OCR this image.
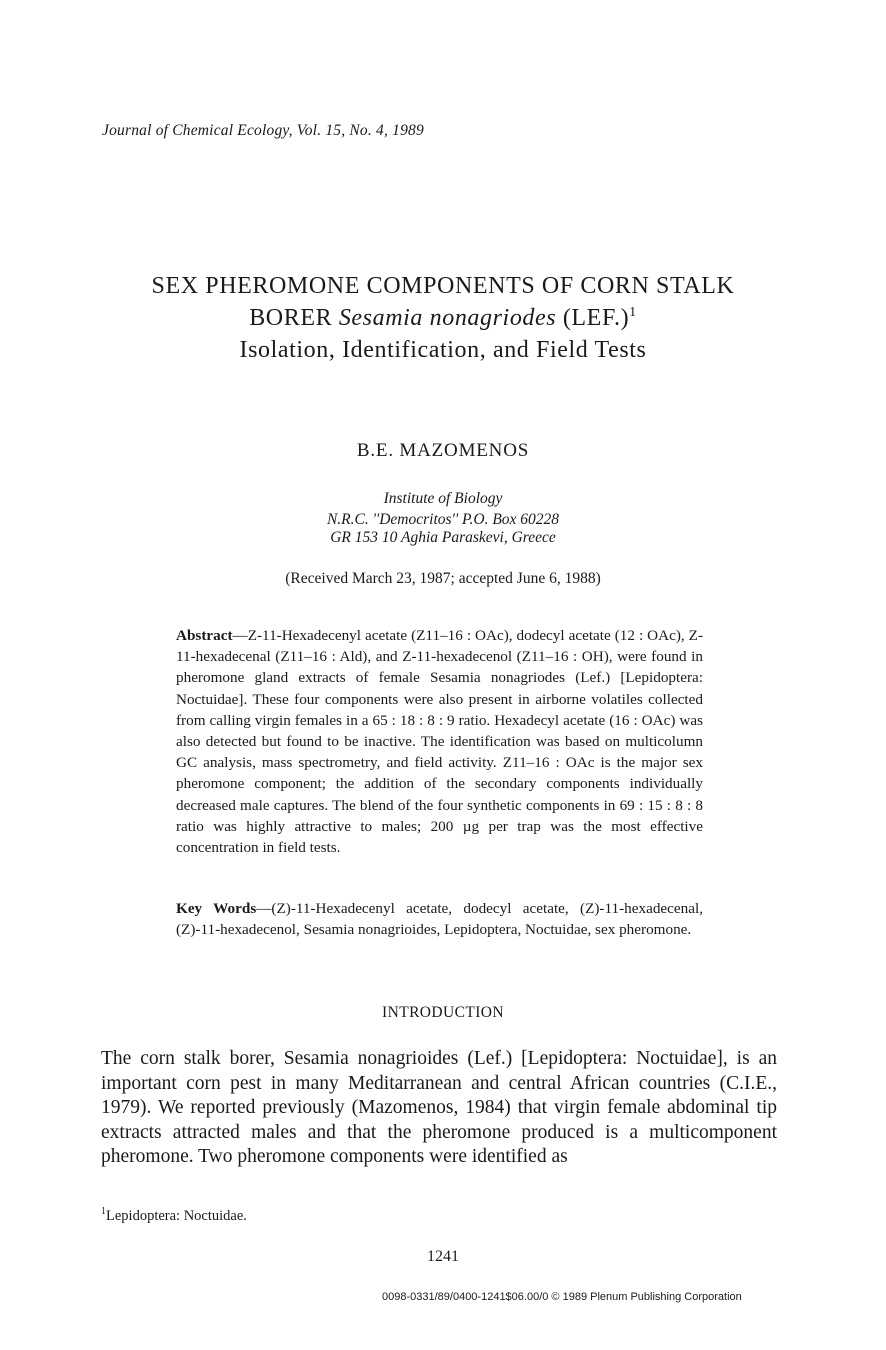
Journal of Chemical Ecology, Vol. 15, No. 4, 1989
SEX PHEROMONE COMPONENTS OF CORN STALK
BORER Sesamia nonagriodes $(LEF.)^1$
Isolation, Identification, and Field Tests
B.E. MAZOMENOS
Institute of Biology
N.R.C. ''Democritos'' P.O. Box 60228
GR 153 10 Aghia Paraskevi, Greece
(Received March 23, 1987; accepted June 6, 1988)
Abstract—Z-11-Hexadecenyl acetate (Z11–16 : OAc), dodecyl acetate (12 : OAc), Z-11-hexadecenal (Z11–16 : Ald), and Z-11-hexadecenol (Z11–16 : OH), were found in pheromone gland extracts of female Sesamia nonagriodes (Lef.) [Lepidoptera: Noctuidae]. These four components were also present in airborne volatiles collected from calling virgin females in a 65 : 18 : 8 : 9 ratio. Hexadecyl acetate (16 : OAc) was also detected but found to be inactive. The identification was based on multicolumn GC analysis, mass spectrometry, and field activity. Z11–16 : OAc is the major sex pheromone component; the addition of the secondary components individually decreased male captures. The blend of the four synthetic components in 69 : 15 : 8 : 8 ratio was highly attractive to males; 200 µg per trap was the most effective concentration in field tests.
Key Words—(Z)-11-Hexadecenyl acetate, dodecyl acetate, (Z)-11-hexadecenal, (Z)-11-hexadecenol, Sesamia nonagrioides, Lepidoptera, Noctuidae, sex pheromone.
INTRODUCTION
The corn stalk borer, Sesamia nonagrioides (Lef.) [Lepidoptera: Noctuidae], is an important corn pest in many Meditarranean and central African countries (C.I.E., 1979). We reported previously (Mazomenos, 1984) that virgin female abdominal tip extracts attracted males and that the pheromone produced is a multicomponent pheromone. Two pheromone components were identified as
$^1$Lepidoptera: Noctuidae.
1241
0098-0331/89/0400-1241$06.00/0 © 1989 Plenum Publishing Corporation
